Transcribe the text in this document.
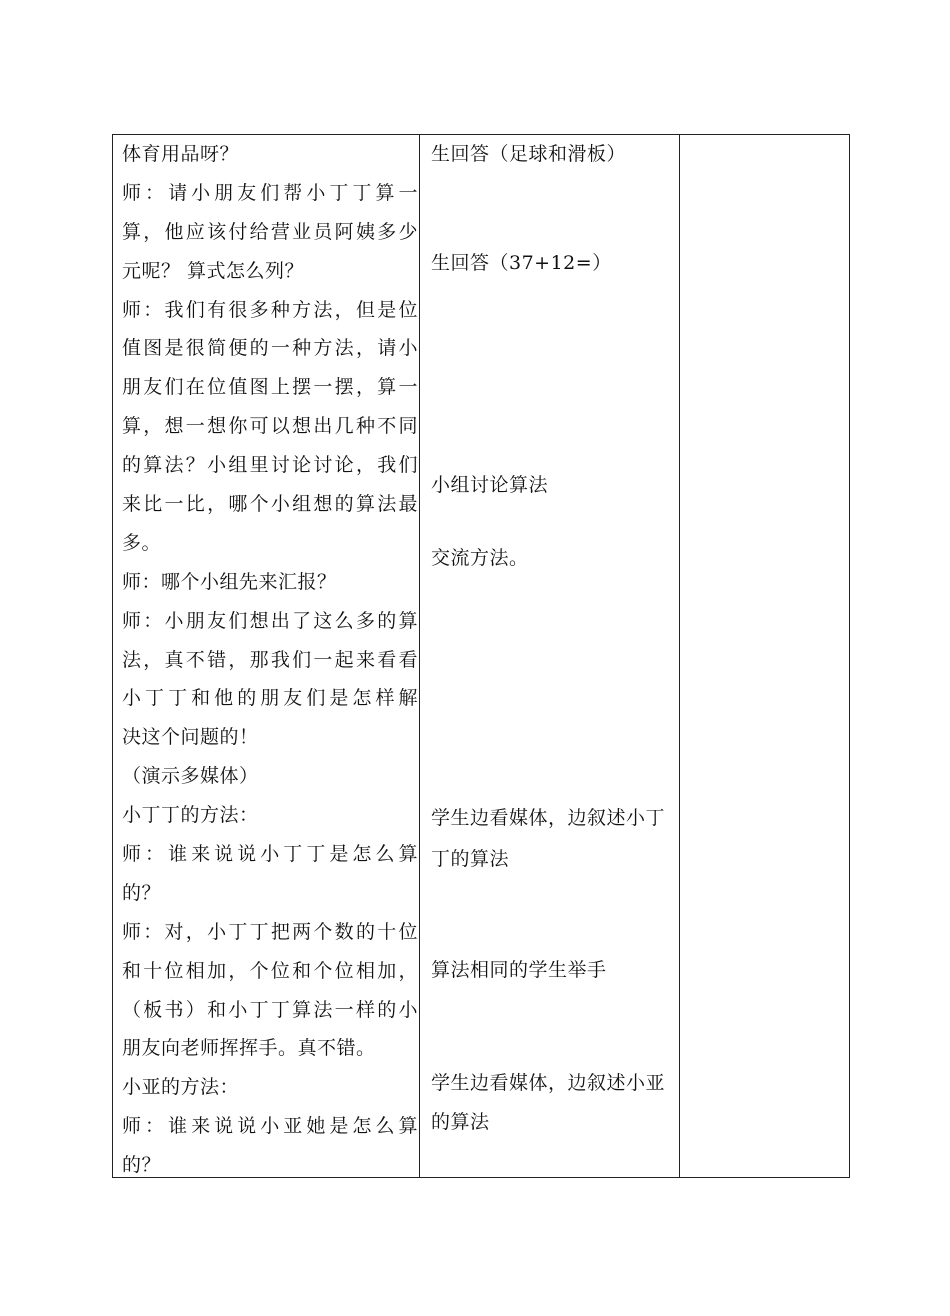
体育用品呀？
师：请小朋友们帮小丁丁算一
算，他应该付给营业员阿姨多少
元呢？ 算式怎么列？
师：我们有很多种方法，但是位
值图是很简便的一种方法，请小
朋友们在位值图上摆一摆，算一
算，想一想你可以想出几种不同
的算法？小组里讨论讨论，我们
来比一比，哪个小组想的算法最
多。
师：哪个小组先来汇报？
师：小朋友们想出了这么多的算
法，真不错，那我们一起来看看
小丁丁和他的朋友们是怎样解
决这个问题的！
（演示多媒体）
小丁丁的方法：
师：谁来说说小丁丁是怎么算
的？
师：对，小丁丁把两个数的十位
和十位相加，个位和个位相加，
（板书）和小丁丁算法一样的小
朋友向老师挥挥手。真不错。
小亚的方法：
师：谁来说说小亚她是怎么算
的？
生回答（足球和滑板）
生回答（37+12=）
小组讨论算法
交流方法。
学生边看媒体，边叙述小丁
丁的算法
算法相同的学生举手
学生边看媒体，边叙述小亚
的算法
